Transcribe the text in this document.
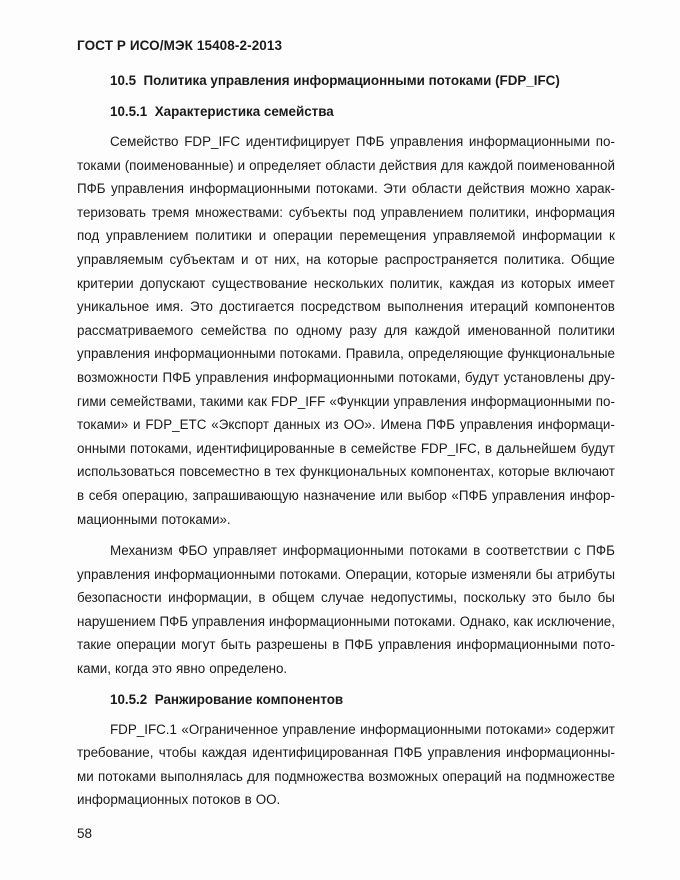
ГОСТ Р ИСО/МЭК 15408-2-2013
10.5 Политика управления информационными потоками (FDP_IFC)
10.5.1 Характеристика семейства
Семейство FDP_IFC идентифицирует ПФБ управления информационными по-
токами (поименованные) и определяет области действия для каждой поименованной
ПФБ управления информационными потоками. Эти области действия можно харак-
теризовать тремя множествами: субъекты под управлением политики, информация
под управлением политики и операции перемещения управляемой информации к
управляемым субъектам и от них, на которые распространяется политика. Общие
критерии допускают существование нескольких политик, каждая из которых имеет
уникальное имя. Это достигается посредством выполнения итераций компонентов
рассматриваемого семейства по одному разу для каждой именованной политики
управления информационными потоками. Правила, определяющие функциональные
возможности ПФБ управления информационными потоками, будут установлены дру-
гими семействами, такими как FDP_IFF «Функции управления информационными по-
токами» и FDP_ETC «Экспорт данных из ОО». Имена ПФБ управления информаци-
онными потоками, идентифицированные в семействе FDP_IFC, в дальнейшем будут
использоваться повсеместно в тех функциональных компонентах, которые включают
в себя операцию, запрашивающую назначение или выбор «ПФБ управления инфор-
мационными потоками».
Механизм ФБО управляет информационными потоками в соответствии с ПФБ
управления информационными потоками. Операции, которые изменяли бы атрибуты
безопасности информации, в общем случае недопустимы, поскольку это было бы
нарушением ПФБ управления информационными потоками. Однако, как исключение,
такие операции могут быть разрешены в ПФБ управления информационными пото-
ками, когда это явно определено.
10.5.2 Ранжирование компонентов
FDP_IFC.1 «Ограниченное управление информационными потоками» содержит
требование, чтобы каждая идентифицированная ПФБ управления информационны-
ми потоками выполнялась для подмножества возможных операций на подмножестве
информационных потоков в ОО.
58
